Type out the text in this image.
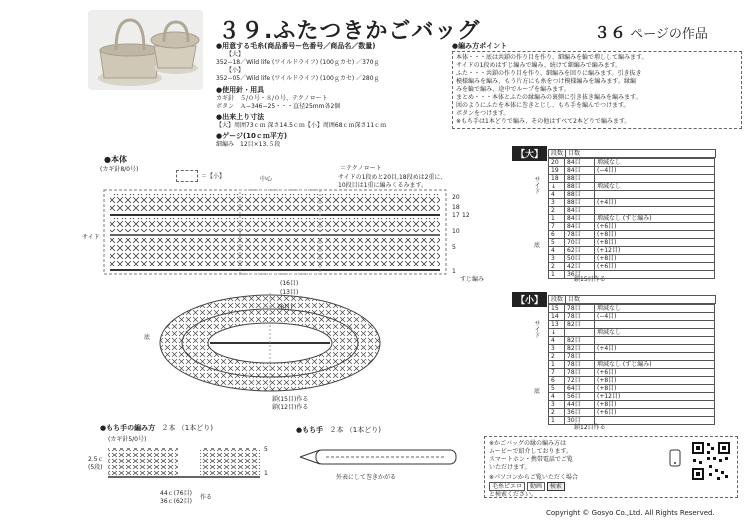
３９.ふたつきかごバッグ	３６ ページの作品
●用意する毛糸(商品番号ー色番号／商品名／数量)
【大】
352−18／Wild life (ワイルドライフ) (100ｇカセ) ／370ｇ
【小】
352−05／Wild life (ワイルドライフ) (100ｇカセ) ／280ｇ
●使用針・用具
カギ針　５/０号・８/０号、テクノロート
ボタン　Ａ−346−25・・・直径25mm各2個
●出来上り寸法
【大】周囲73ｃｍ 深さ14.5ｃｍ【小】周囲68ｃｍ深さ11ｃｍ
●ゲージ(10ｃｍ平方)
細編み　12目×13.５段
●編み方ポイント
本体・・・底は共鎖の作り目を作り、細編みを輪で増しして編みます。
サイドの1段めはすじ編みで編み、続けて細編みで編みます。
ふた・・・共鎖の作り目を作り、細編みを回りに編みます。引き抜き
模様編みを編み、もう片方にも糸をつけ模様編みを編みます。縁編
みを輪で編み、途中でループを編みます。
まとめ・・・本体とふたの縁編みの裏側に引き抜き編みを編みます。
図のようにふたを本体に巻きとじし、もち手を編んでつけます。
ボタンをつけます。
※もち手は1本どりで編み、その他はすべて2本どりで編みます。
●本体
(カギ針8/0号)
＝【小】	中心
＝テクノロート
サイドの1段めと20目,18段めは2重に、
10段目は1重に編みくるみます。
サイド
底
20
18
17 12
10
5
1
すじ編み
(16目)
(13目)
(8目)
鎖(15目)作る
鎖(12目)作る
【大】	段数	目数
サイド
底
20	84目	増減なし
19	84目	(−4目)
18	88目	
↓	88目	増減なし
4	88目	
3	88目	(+4目)
2	84目	
1	84目	増減なし (すじ編み)
7	84目	(+6目)
6	78目	(+8目)
5	70目	(+8目)
4	62目	(+12目)
3	50目	(+8目)
2	42目	(+6目)
1	36目	
鎖15目作る
【小】	段数	目数
サイド
底
15	78目	増減なし
14	78目	(−4目)
13	82目	
↓		増減なし
4	82目	
3	82目	(+4目)
2	78目	
1	78目	増減なし (すじ編み)
7	78目	(+6目)
6	72目	(+8目)
5	64目	(+8目)
4	56目	(+12目)
3	44目	(+8目)
2	36目	(+6目)
1	30目	
鎖12目作る
●もち手の編み方 ２本 （1本どり)
(カギ針5/0号)
2.5ｃ
(5段)
5
1
44ｃ(76目)
36ｃ(62目)
作る
●もち手 ２本 （1本どり)
外表にして巻きかがる
※かごバッグの縁の編み方は
ムービーで紹介しております。
スマートホン・携帯電話でご覧
いただけます。
※パソコンからご覧いただく場合
毛糸ピエロ 動画 検索
と検索ください。
Copyright © Gosyo Co.,Ltd. All Rights Reserved.
